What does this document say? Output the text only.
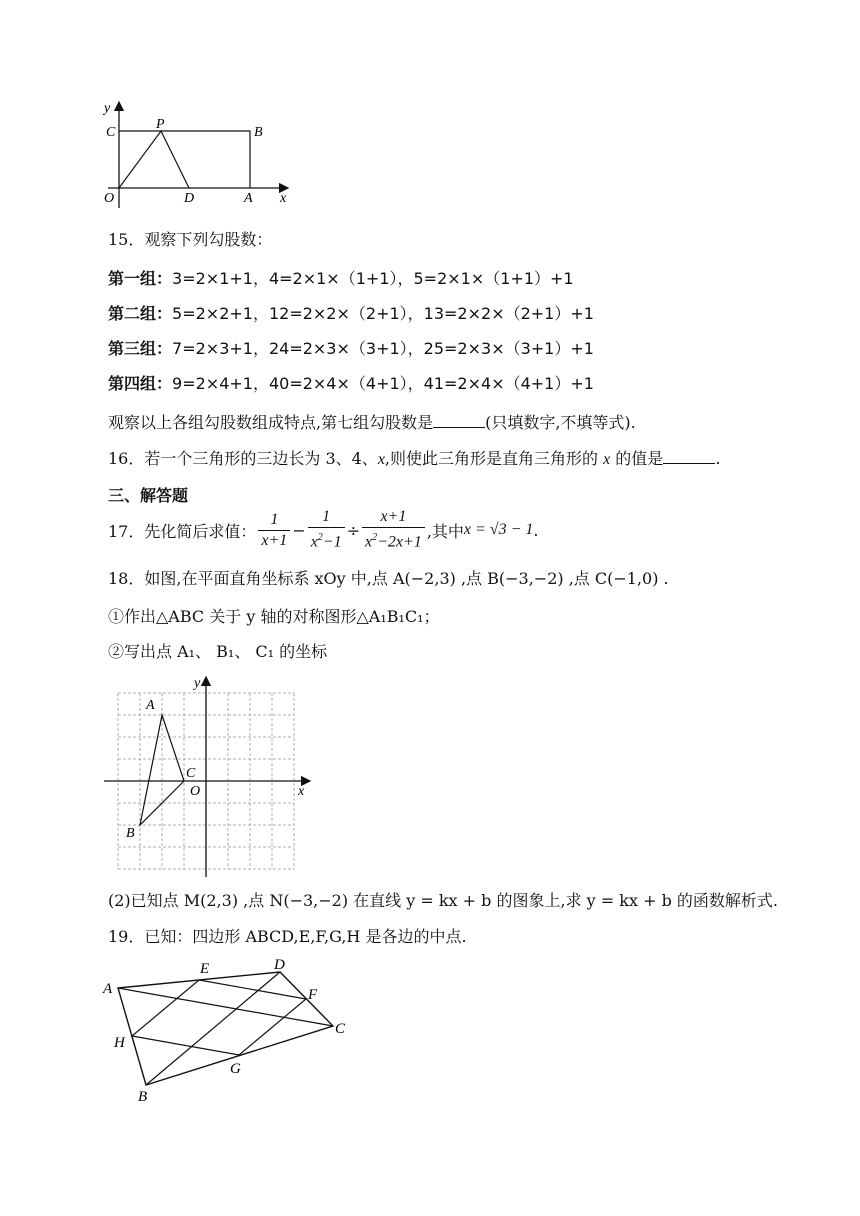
y
C
P
B
O	D	A x
15．观察下列勾股数：
第一组：3=2×1+1，4=2×1×（1+1），5=2×1×（1+1）+1
第二组：5=2×2+1，12=2×2×（2+1），13=2×2×（2+1）+1
第三组：7=2×3+1，24=2×3×（3+1），25=2×3×（3+1）+1
第四组：9=2×4+1，40=2×4×（4+1），41=2×4×（4+1）+1
观察以上各组勾股数组成特点,第七组勾股数是	(只填数字,不填等式).
16．若一个三角形的三边长为 3、4、x,则使此三角形是直角三角形的 x 的值是	.
三、解答题
17．先化简后求值： $\frac{1}{x+1} - \frac{1}{x^2-1} \div \frac{x+1}{x^2-2x+1}$ ,其中 x = √3 − 1 .
18．如图,在平面直角坐标系 xOy 中,点 A(−2,3) ,点 B(−3,−2) ,点 C(−1,0) .
①作出△ABC 关于 y 轴的对称图形△A₁B₁C₁；
②写出点 A₁、 B₁、 C₁ 的坐标
y
A
C
O	x
B
(2)已知点 M(2,3) ,点 N(−3,−2) 在直线 y = kx + b 的图象上,求 y = kx + b 的函数解析式.
19．已知：四边形 ABCD,E,F,G,H 是各边的中点.
A
E	D
F
C
H
G
B
